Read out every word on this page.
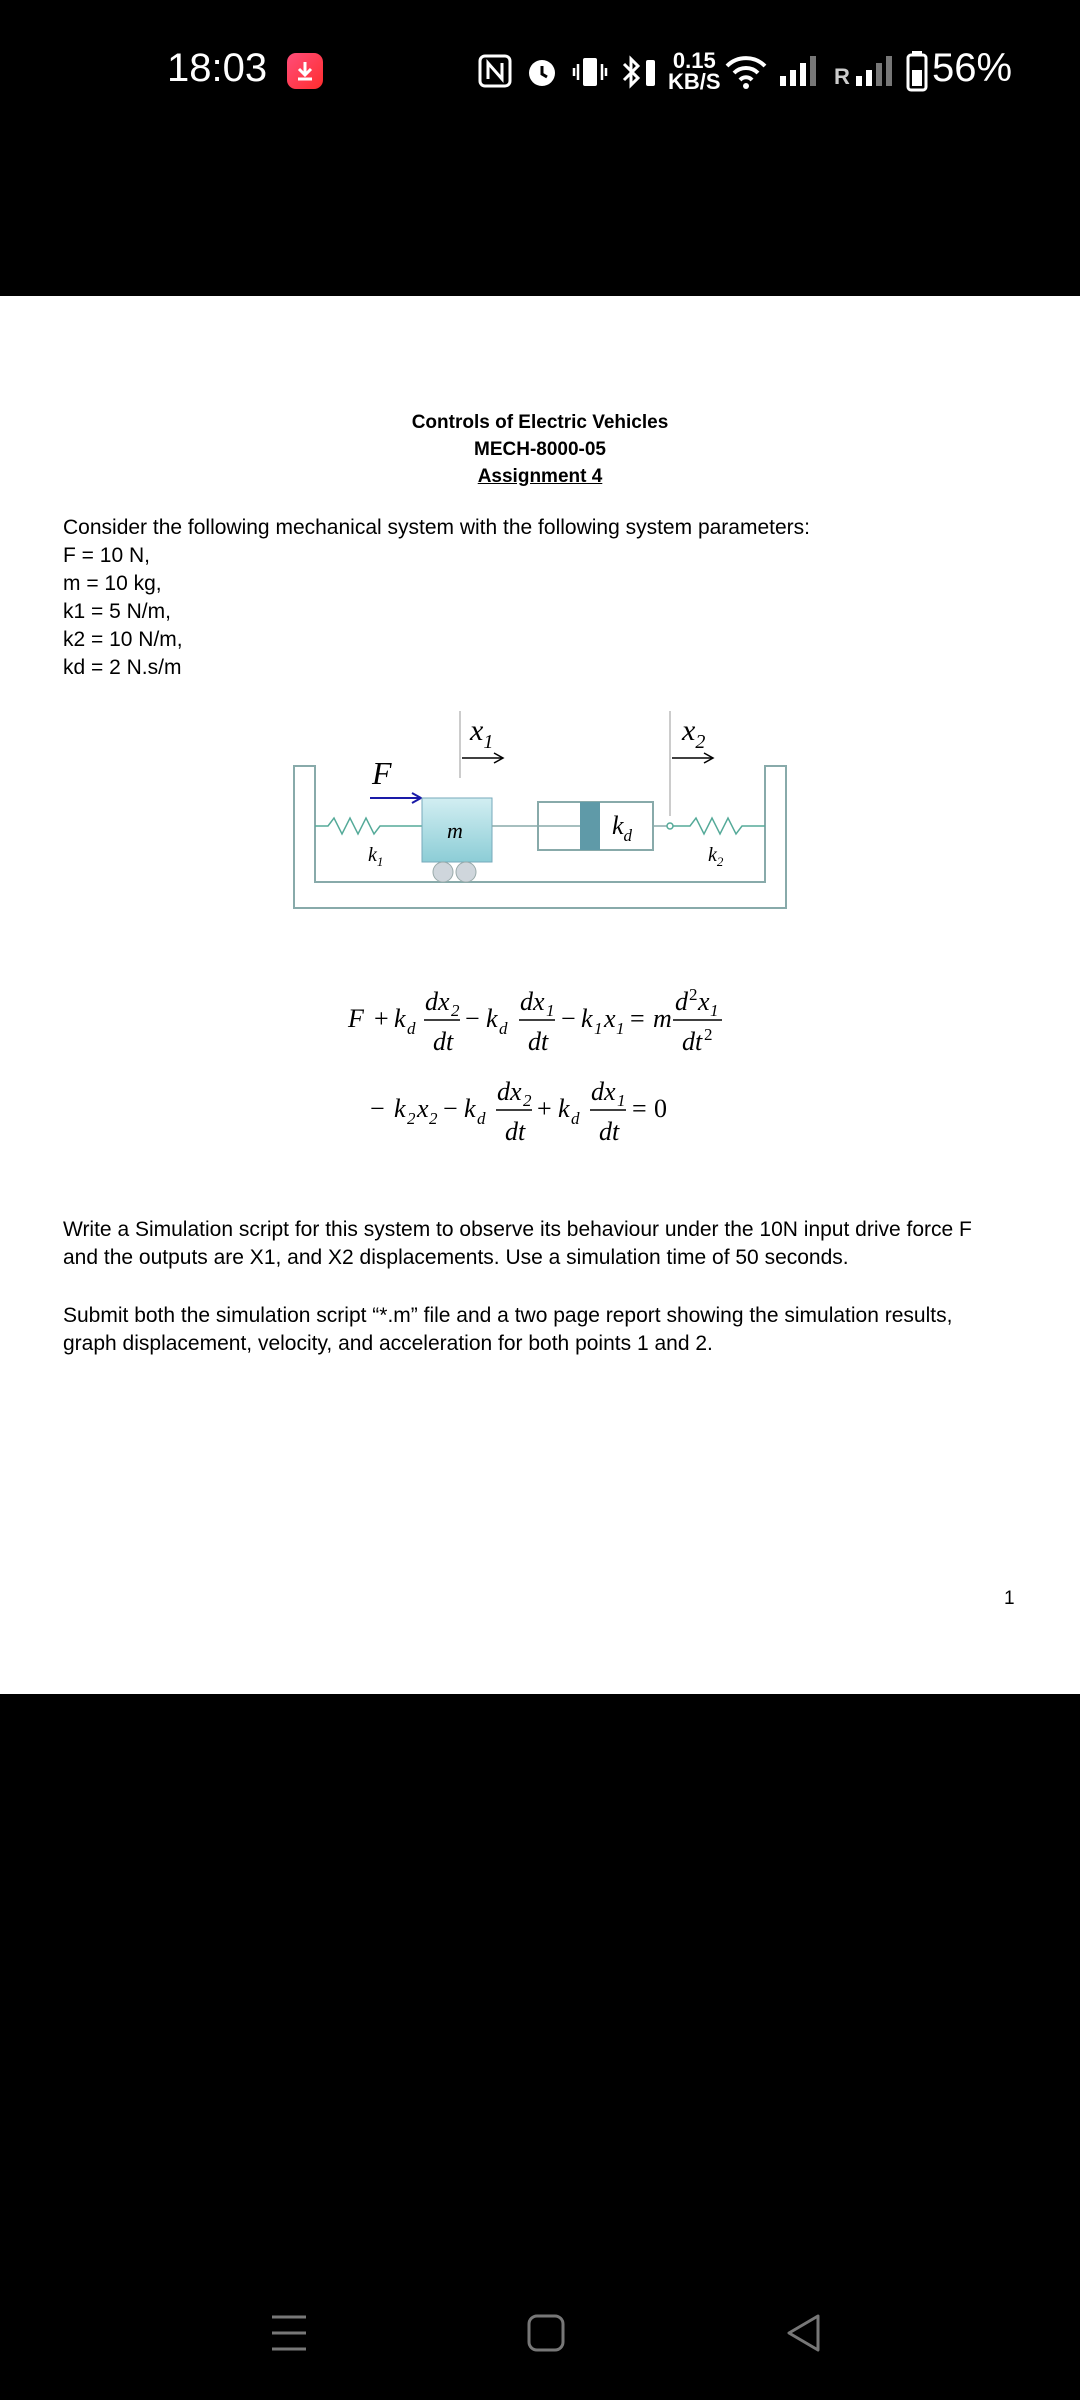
18:03	0.15
KB/S	R 56%
Controls of Electric Vehicles
MECH-8000-05
Assignment 4
Consider the following mechanical system with the following system parameters:
F = 10 N,
m = 10 kg,
k1 = 5 N/m,
k2 = 10 N/m,
kd = 2 N.s/m
$x_1$	$x_2$
F
$k_1$
m	$k_d$
$k_2$
F + k d
dx 2
dt
− k d
dx 1
dt
− k 1 x 1 = m
d 2 x 1
dt 2
− k 2 x 2 − k d
dx 2
dt
+ k d
dx 1
dt
= 0
Write a Simulation script for this system to observe its behaviour under the 10N input drive force F and the outputs are X1, and X2 displacements. Use a simulation time of 50 seconds.
Submit both the simulation script “*.m” file and a two page report showing the simulation results, graph displacement, velocity, and acceleration for both points 1 and 2.
1
